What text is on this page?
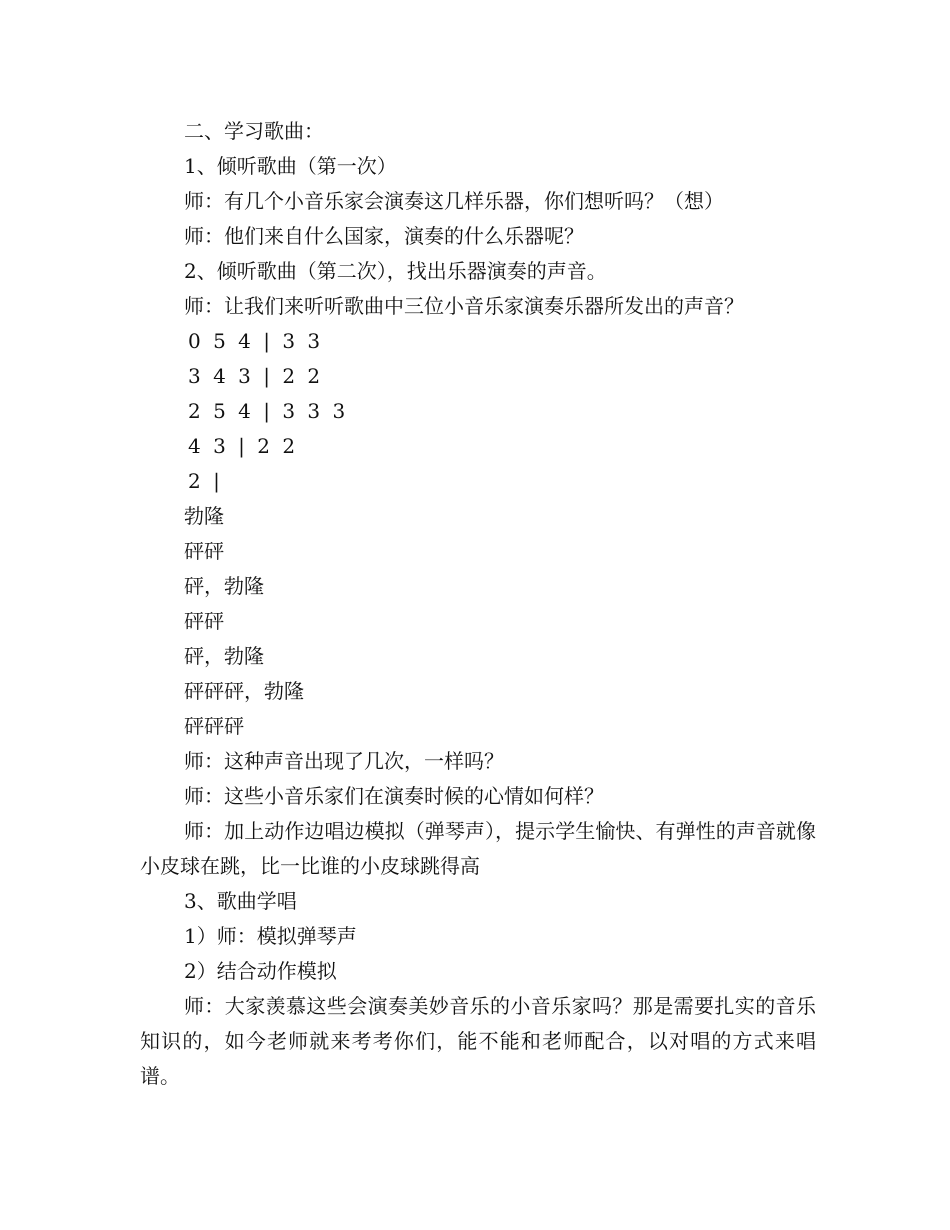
二、学习歌曲：

1、倾听歌曲（第一次）

师：有几个小音乐家会演奏这几样乐器，你们想听吗？（想）

师：他们来自什么国家，演奏的什么乐器呢？

2、倾听歌曲（第二次），找出乐器演奏的声音。

师：让我们来听听歌曲中三位小音乐家演奏乐器所发出的声音？

0 5 4 | 3 3

3 4 3 | 2 2

2 5 4 | 3 3 3

4 3 | 2 2

2 |

勃隆

砰砰

砰，勃隆

砰砰

砰，勃隆

砰砰砰，勃隆

砰砰砰

师：这种声音出现了几次，一样吗？

师：这些小音乐家们在演奏时候的心情如何样？

师：加上动作边唱边模拟（弹琴声），提示学生愉快、有弹性的声音就像小皮球在跳，比一比谁的小皮球跳得高

3、歌曲学唱

1）师：模拟弹琴声

2）结合动作模拟

师：大家羡慕这些会演奏美妙音乐的小音乐家吗？那是需要扎实的音乐知识的，如今老师就来考考你们，能不能和老师配合，以对唱的方式来唱谱。
